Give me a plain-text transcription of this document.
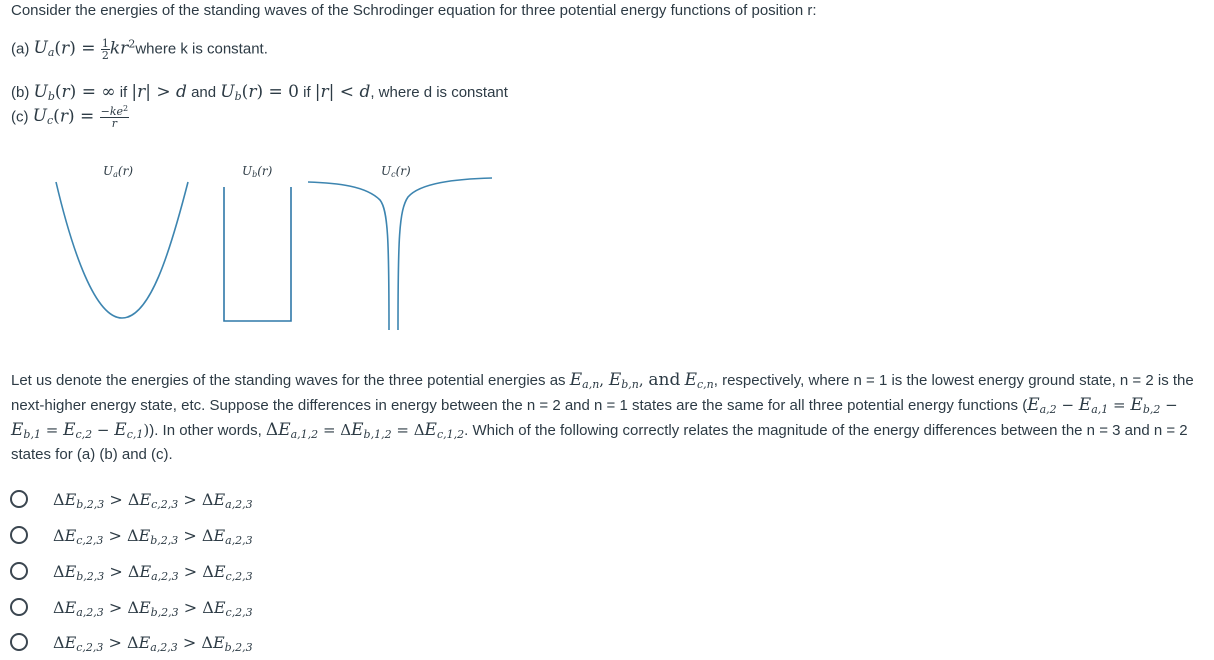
Consider the energies of the standing waves of the Schrodinger equation for three potential energy functions of position r:
(a) $U_a(r) = \frac{1}{2}$ $kr^2where$ k is constant.
(b) $U_b(r)$ = ∞ if |r| > d and $U_b(r) = 0$ if |r| < d, where d is constant
(c) $U_c(r) = \frac{-ke^2}{r}$
$U_a(r)$	$U_b(r)$	$U_c(r)$
Let us denote the energies of the standing waves for the three potential energies as $E_{a,n}$, $E_{b,n}$, and $E_{c,n}$, respectively, where n = 1 is the lowest energy ground state, n = 2 is the next-higher energy state, etc. Suppose the differences in energy between the n = 2 and n = 1 states are the same for all three potential energy functions $(E_{a,2} - E_{a,1} = E_{b,2} - E_{b,1} = E_{c,2} - E_{c,1})$). In other words, $\Delta E_{a,1,2} = \Delta E_{b,1,2} = \Delta E_{c,1,2}$. Which of the following correctly relates the magnitude of the energy differences between the n = 3 and n = 2 states for (a) (b) and (c).
$\Delta E_{b,2,3} > \Delta E_{c,2,3} > \Delta E_{a,2,3}$
$\Delta E_{c,2,3} > \Delta E_{b,2,3} > \Delta E_{a,2,3}$
$\Delta E_{b,2,3} > \Delta E_{a,2,3} > \Delta E_{c,2,3}$
$\Delta E_{a,2,3} > \Delta E_{b,2,3} > \Delta E_{c,2,3}$
$\Delta E_{c,2,3} > \Delta E_{a,2,3} > \Delta E_{b,2,3}$
